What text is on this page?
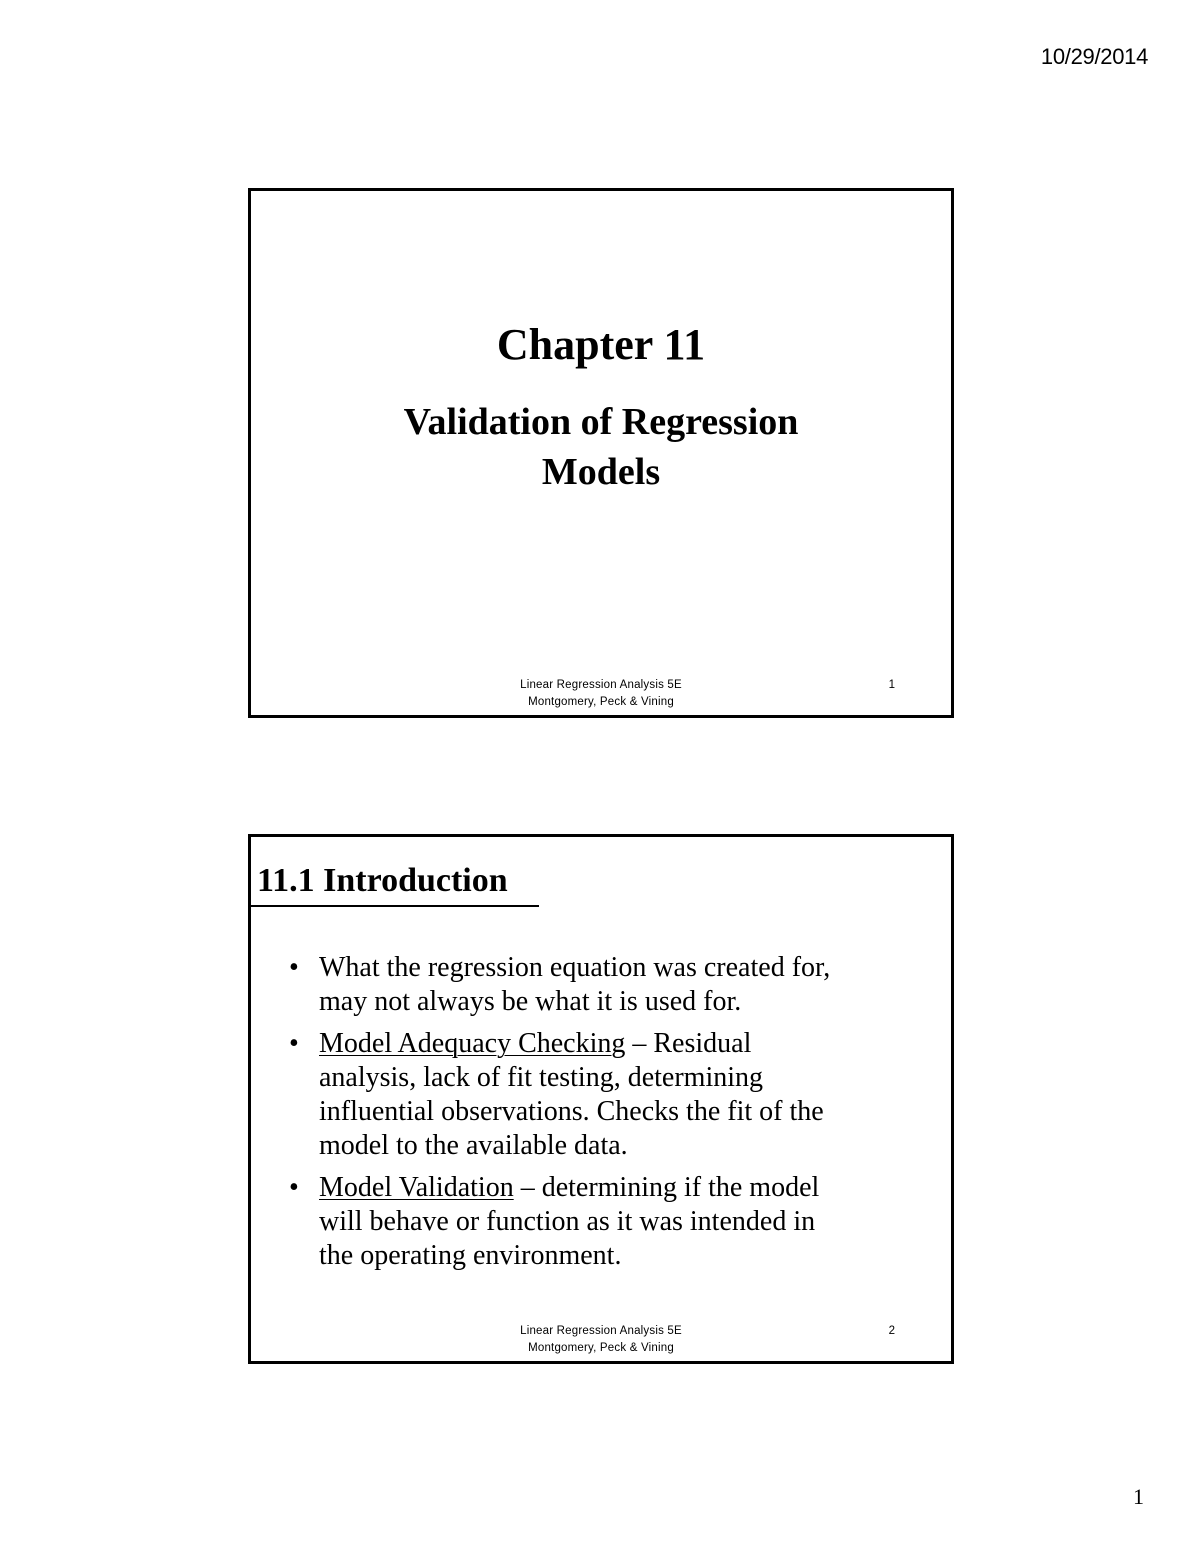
10/29/2014
Chapter 11
Validation of Regression Models
Linear Regression Analysis 5E
Montgomery, Peck & Vining
1
11.1 Introduction
• What the regression equation was created for, may not always be what it is used for.
• Model Adequacy Checking – Residual analysis, lack of fit testing, determining influential observations. Checks the fit of the model to the available data.
• Model Validation – determining if the model will behave or function as it was intended in the operating environment.
Linear Regression Analysis 5E
Montgomery, Peck & Vining
2
1
